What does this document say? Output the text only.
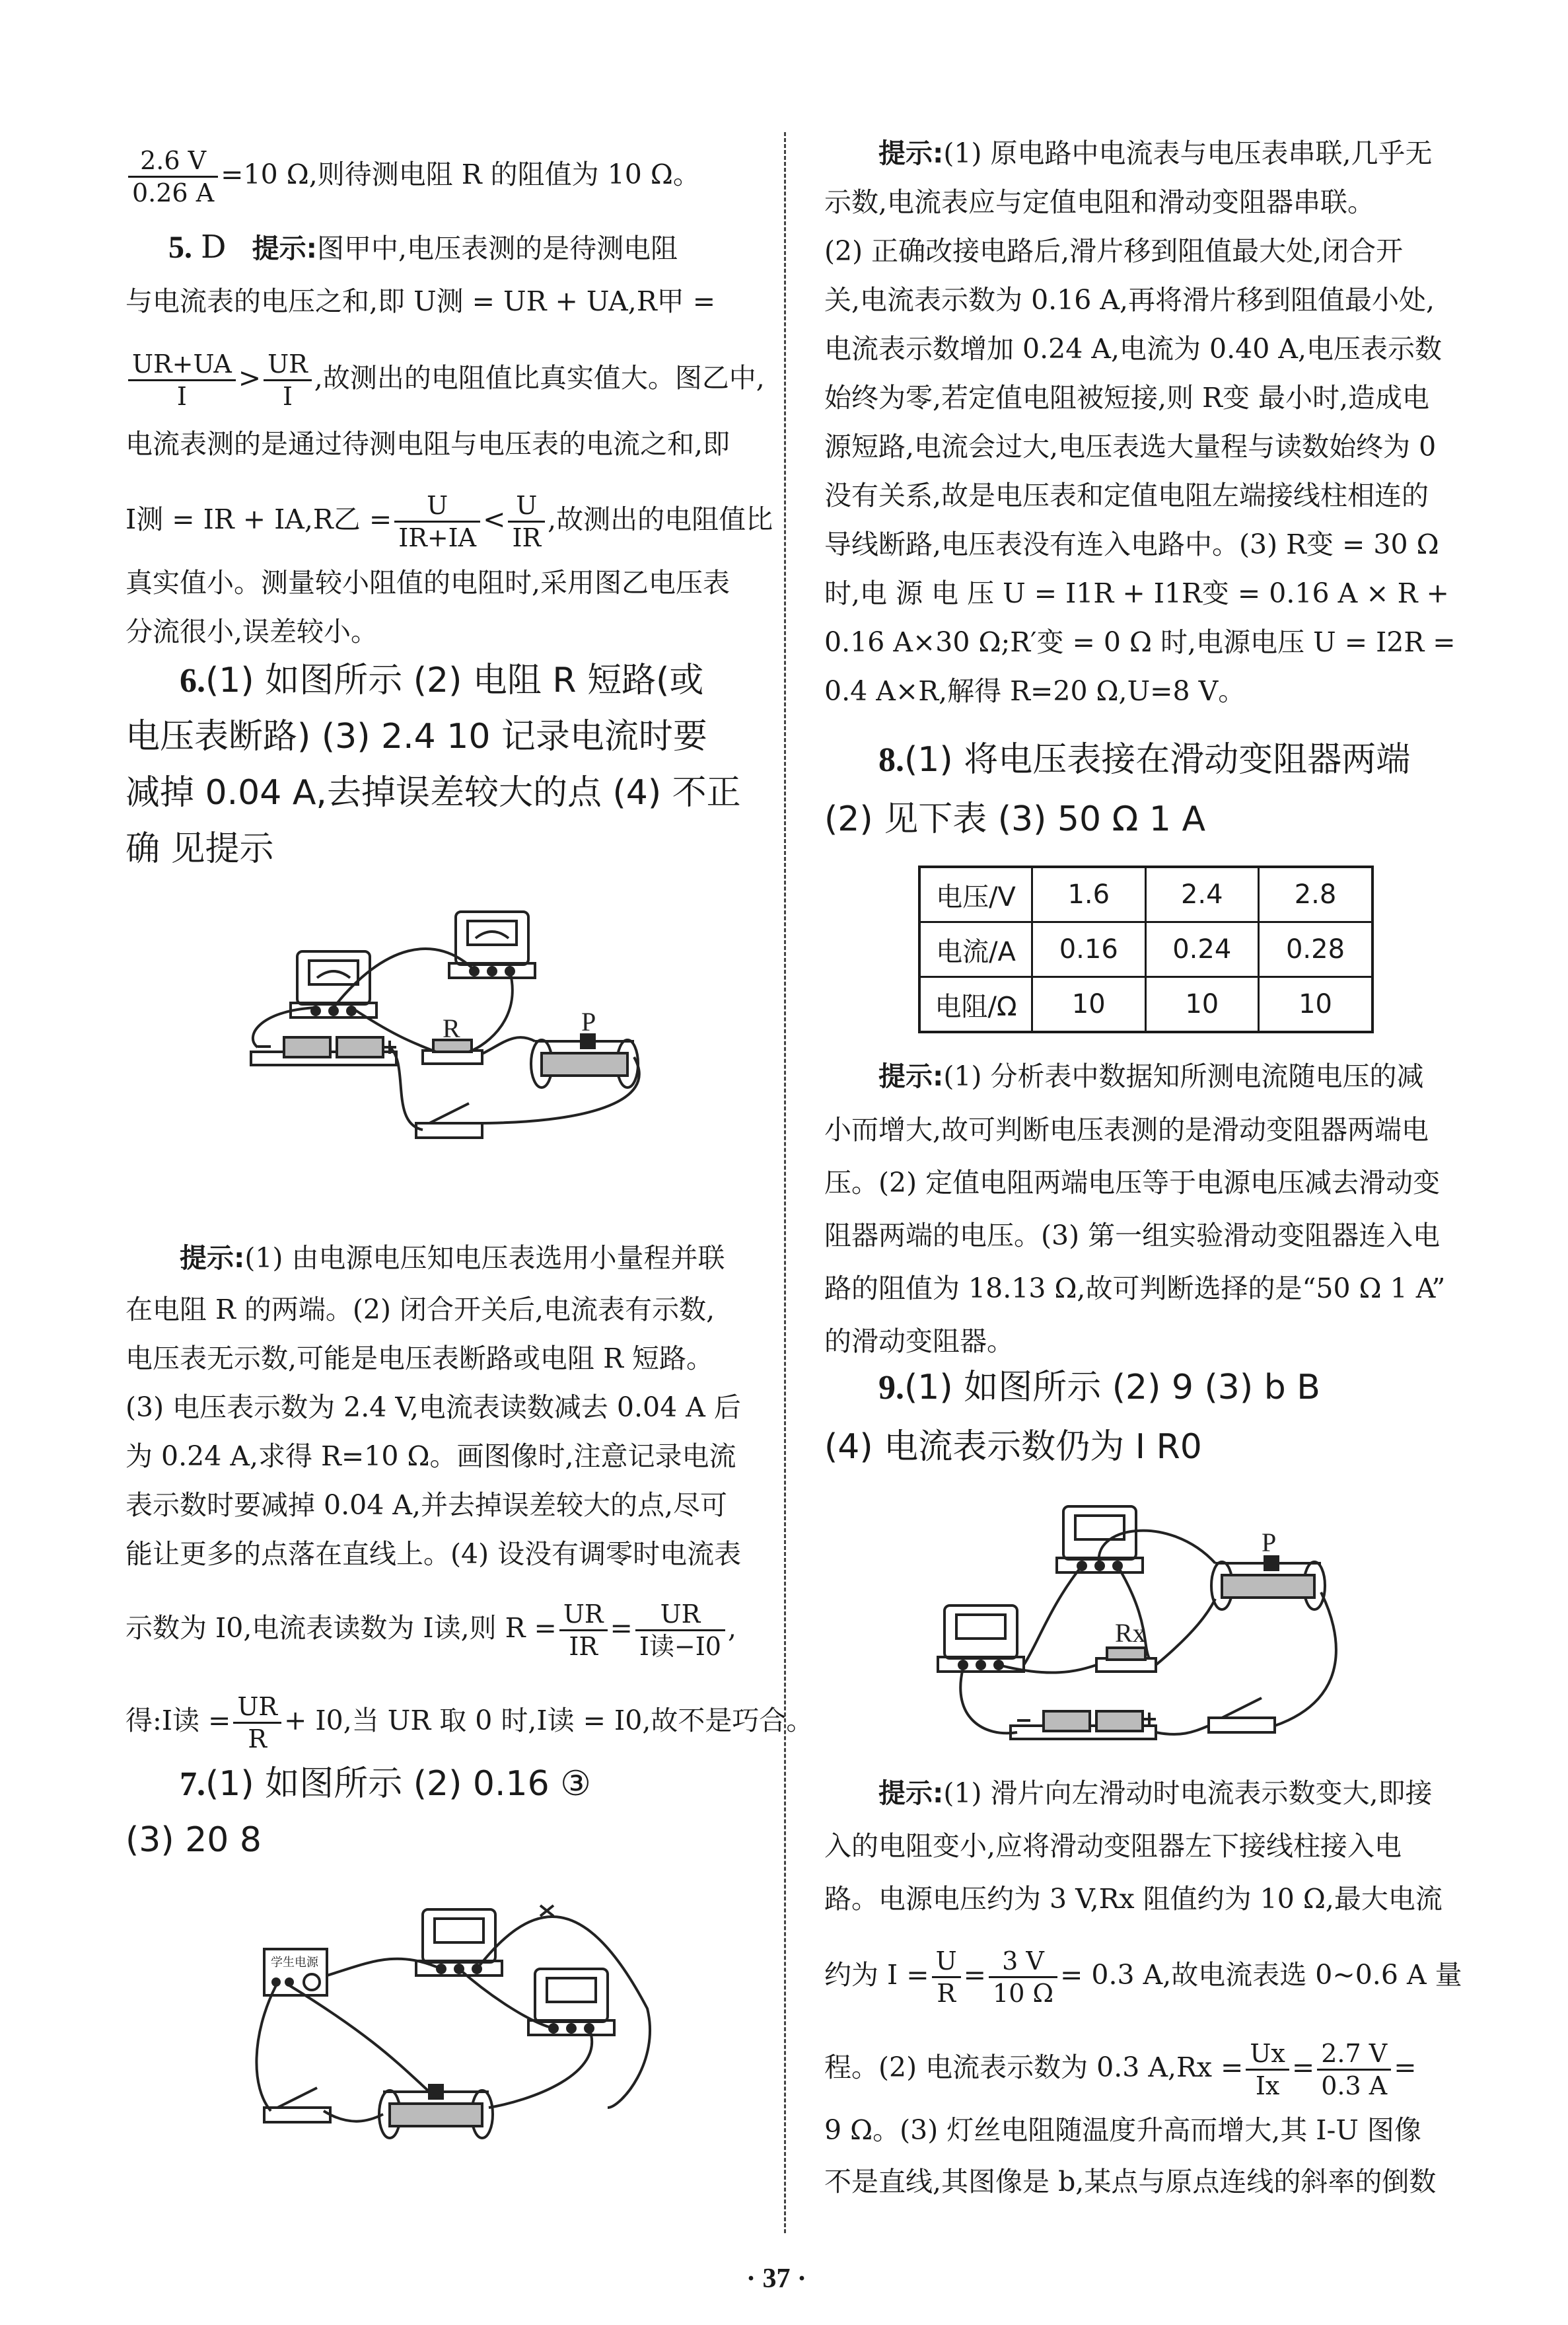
$\frac{2.6 V}{0.26 A} =10$ Ω,则待测电阻 R 的阻值为 10 Ω。
5. D 提示:图甲中,电压表测的是待测电阻
与电流表的电压之和,即 U测 = UR + UA,R甲 =
$\frac{UR+UA}{I} > \frac{UR}{I}$ ,故测出的电阻值比真实值大。图乙中,
电流表测的是通过待测电阻与电压表的电流之和,即
I测 = IR + IA,R乙 = $\frac{U}{IR+IA} < \frac{U}{IR}$ ,故测出的电阻值比
真实值小。测量较小阻值的电阻时,采用图乙电压表
分流很小,误差较小。
6.(1) 如图所示 (2) 电阻 R 短路(或
电压表断路) (3) 2.4 10 记录电流时要
减掉 0.04 A,去掉误差较大的点 (4) 不正
确 见提示
R	P
提示:(1) 由电源电压知电压表选用小量程并联
在电阻 R 的两端。(2) 闭合开关后,电流表有示数,
电压表无示数,可能是电压表断路或电阻 R 短路。
(3) 电压表示数为 2.4 V,电流表读数减去 0.04 A 后
为 0.24 A,求得 R=10 Ω。画图像时,注意记录电流
表示数时要减掉 0.04 A,并去掉误差较大的点,尽可
能让更多的点落在直线上。(4) 设没有调零时电流表
示数为 I0,电流表读数为 I读,则 $R = \frac{UR}{IR} = \frac{UR}{\text{I读−I0}}$ ,
得:I读 = $\frac{UR}{R} + I0$,当 UR 取 0 时,I读 = I0,故不是巧合。
7.(1) 如图所示 (2) 0.16 ③
(3) 20 8
学生电源
提示:(1) 原电路中电流表与电压表串联,几乎无
示数,电流表应与定值电阻和滑动变阻器串联。
(2) 正确改接电路后,滑片移到阻值最大处,闭合开
关,电流表示数为 0.16 A,再将滑片移到阻值最小处,
电流表示数增加 0.24 A,电流为 0.40 A,电压表示数
始终为零,若定值电阻被短接,则 R变 最小时,造成电
源短路,电流会过大,电压表选大量程与读数始终为 0
没有关系,故是电压表和定值电阻左端接线柱相连的
导线断路,电压表没有连入电路中。(3) R变 = 30 Ω
时,电 源 电 压 U = I1R + I1R变 = 0.16 A × R +
0.16 A×30 Ω;R′变 = 0 Ω 时,电源电压 U = I2R =
0.4 A×R,解得 R=20 Ω,U=8 V。
8.(1) 将电压表接在滑动变阻器两端
(2) 见下表 (3) 50 Ω 1 A
电压/V	1.6	2.4	2.8
电流/A	0.16	0.24	0.28
电阻/Ω	10	10	10
提示:(1) 分析表中数据知所测电流随电压的减
小而增大,故可判断电压表测的是滑动变阻器两端电
压。(2) 定值电阻两端电压等于电源电压减去滑动变
阻器两端的电压。(3) 第一组实验滑动变阻器连入电
路的阻值为 18.13 Ω,故可判断选择的是“50 Ω 1 A”
的滑动变阻器。
9.(1) 如图所示 (2) 9 (3) b B
(4) 电流表示数仍为 I R0
Rx
P
提示:(1) 滑片向左滑动时电流表示数变大,即接
入的电阻变小,应将滑动变阻器左下接线柱接入电
路。电源电压约为 3 V,Rx 阻值约为 10 Ω,最大电流
约为 $I = \frac{U}{R} = \frac{3 V}{10 \Omega} = 0.3$ A,故电流表选 0~0.6 A 量
程。(2) 电流表示数为 0.3 $A,Rx = \frac{Ux}{Ix} = \frac{2.7 V}{0.3 A}$ =
9 Ω。(3) 灯丝电阻随温度升高而增大,其 I-U 图像
不是直线,其图像是 b,某点与原点连线的斜率的倒数
· 37 ·
